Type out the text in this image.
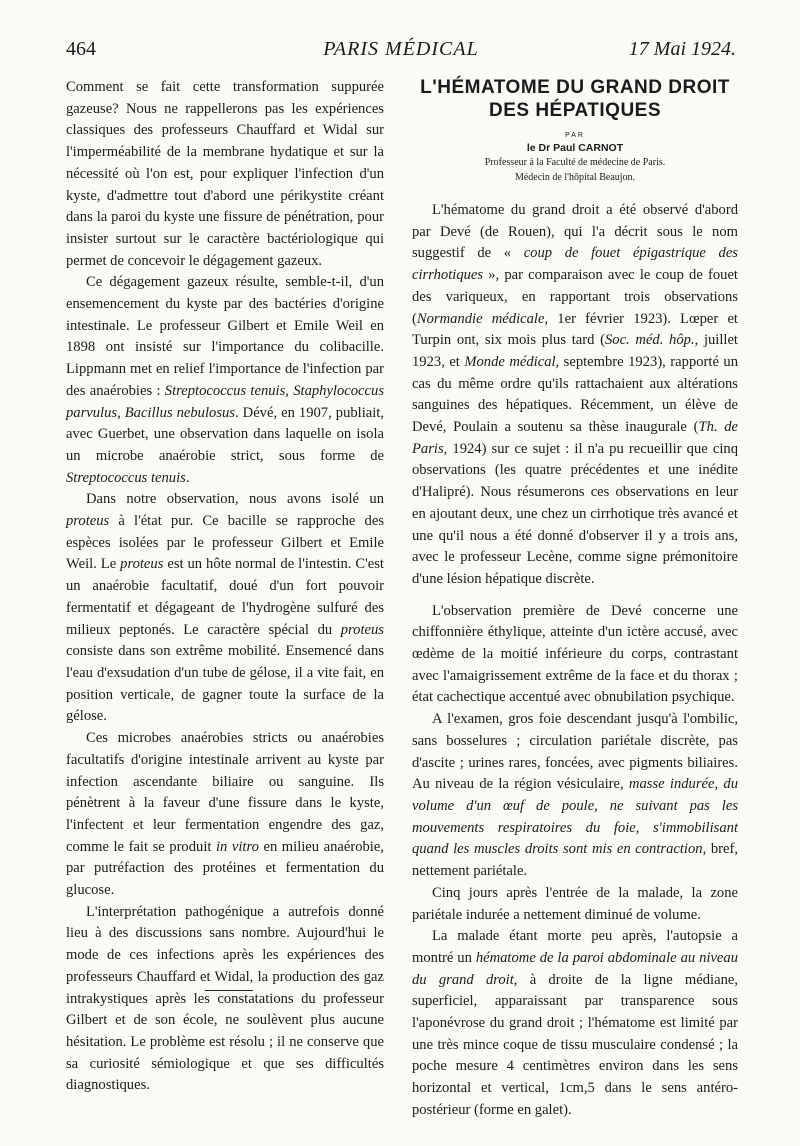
464	PARIS MÉDICAL	17 Mai 1924.

Comment se fait cette transformation suppurée gazeuse? Nous ne rappellerons pas les expériences classiques des professeurs Chauffard et Widal sur l'imperméabilité de la membrane hydatique et sur la nécessité où l'on est, pour expliquer l'infection d'un kyste, d'admettre tout d'abord une périkystite créant dans la paroi du kyste une fissure de pénétration, pour insister surtout sur le caractère bactériologique qui permet de concevoir le dégagement gazeux.

Ce dégagement gazeux résulte, semble-t-il, d'un ensemencement du kyste par des bactéries d'origine intestinale. Le professeur Gilbert et Emile Weil en 1898 ont insisté sur l'importance du colibacille. Lippmann met en relief l'importance de l'infection par des anaérobies : Streptococcus tenuis, Staphylococcus parvulus, Bacillus nebulosus. Dévé, en 1907, publiait, avec Guerbet, une observation dans laquelle on isola un microbe anaérobie strict, sous forme de Streptococcus tenuis.

Dans notre observation, nous avons isolé un proteus à l'état pur. Ce bacille se rapproche des espèces isolées par le professeur Gilbert et Emile Weil. Le proteus est un hôte normal de l'intestin. C'est un anaérobie facultatif, doué d'un fort pouvoir fermentatif et dégageant de l'hydrogène sulfuré des milieux peptonés. Le caractère spécial du proteus consiste dans son extrême mobilité. Ensemencé dans l'eau d'exsudation d'un tube de gélose, il a vite fait, en position verticale, de gagner toute la surface de la gélose.

Ces microbes anaérobies stricts ou anaérobies facultatifs d'origine intestinale arrivent au kyste par infection ascendante biliaire ou sanguine. Ils pénètrent à la faveur d'une fissure dans le kyste, l'infectent et leur fermentation engendre des gaz, comme le fait se produit in vitro en milieu anaérobie, par putréfaction des protéines et fermentation du glucose.

L'interprétation pathogénique a autrefois donné lieu à des discussions sans nombre. Aujourd'hui le mode de ces infections après les expériences des professeurs Chauffard et Widal, la production des gaz intrakystiques après les constatations du professeur Gilbert et de son école, ne soulèvent plus aucune hésitation. Le problème est résolu ; il ne conserve que sa curiosité sémiologique et que ses difficultés diagnostiques.

L'HÉMATOME DU GRAND DROIT DES HÉPATIQUES
PAR
le Dr Paul CARNOT
Professeur à la Faculté de médecine de Paris.
Médecin de l'hôpital Beaujon.

L'hématome du grand droit a été observé d'abord par Devé (de Rouen), qui l'a décrit sous le nom suggestif de « coup de fouet épigastrique des cirrhotiques », par comparaison avec le coup de fouet des variqueux, en rapportant trois observations (Normandie médicale, 1er février 1923). Lœper et Turpin ont, six mois plus tard (Soc. méd. hôp., juillet 1923, et Monde médical, septembre 1923), rapporté un cas du même ordre qu'ils rattachaient aux altérations sanguines des hépatiques. Récemment, un élève de Devé, Poulain a soutenu sa thèse inaugurale (Th. de Paris, 1924) sur ce sujet : il n'a pu recueillir que cinq observations (les quatre précédentes et une inédite d'Halipré). Nous résumerons ces observations en leur en ajoutant deux, une chez un cirrhotique très avancé et une qu'il nous a été donné d'observer il y a trois ans, avec le professeur Lecène, comme signe prémonitoire d'une lésion hépatique discrète.

L'observation première de Devé concerne une chiffonnière éthylique, atteinte d'un ictère accusé, avec œdème de la moitié inférieure du corps, contrastant avec l'amaigrissement extrême de la face et du thorax ; état cachectique accentué avec obnubilation psychique.

A l'examen, gros foie descendant jusqu'à l'ombilic, sans bosselures ; circulation pariétale discrète, pas d'ascite ; urines rares, foncées, avec pigments biliaires. Au niveau de la région vésiculaire, masse indurée, du volume d'un œuf de poule, ne suivant pas les mouvements respiratoires du foie, s'immobilisant quand les muscles droits sont mis en contraction, bref, nettement pariétale.

Cinq jours après l'entrée de la malade, la zone pariétale indurée a nettement diminué de volume.

La malade étant morte peu après, l'autopsie a montré un hématome de la paroi abdominale au niveau du grand droit, à droite de la ligne médiane, superficiel, apparaissant par transparence sous l'aponévrose du grand droit ; l'hématome est limité par une très mince coque de tissu musculaire condensé ; la poche mesure 4 centimètres environ dans les sens horizontal et vertical, 1cm,5 dans le sens antéro-postérieur (forme en galet).
